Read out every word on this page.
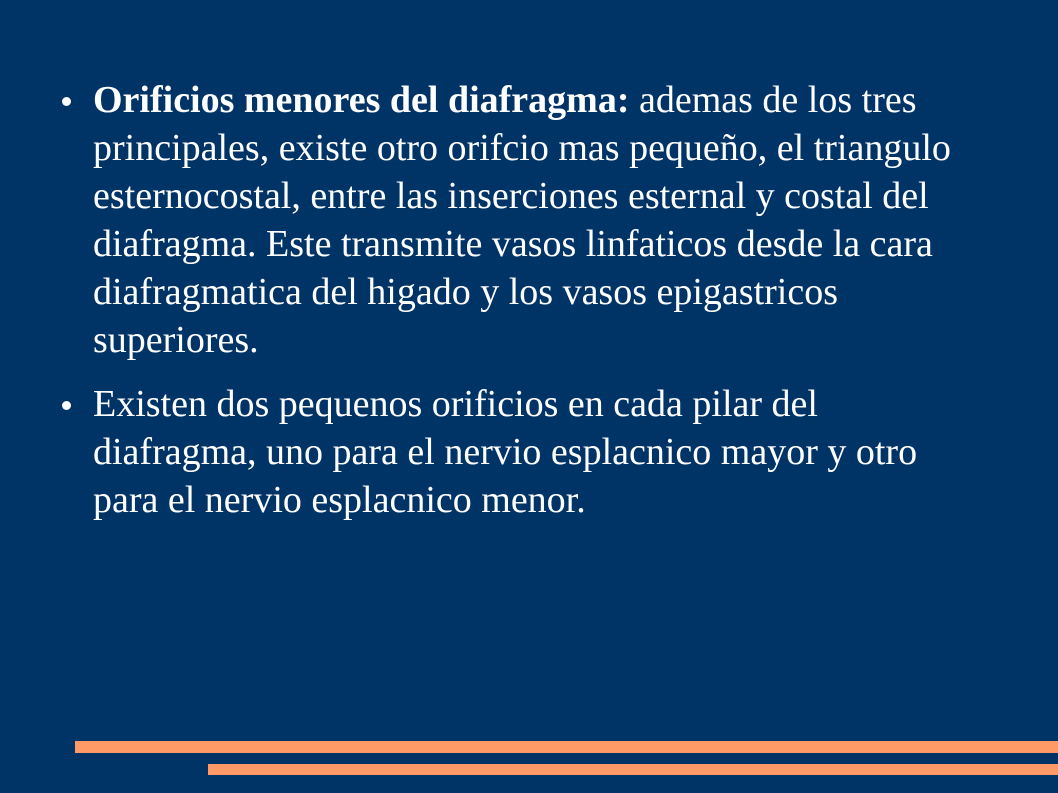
Orificios menores del diafragma: ademas de los tres principales, existe otro orifcio mas pequeño, el triangulo esternocostal, entre las inserciones esternal y costal del diafragma. Este transmite vasos linfaticos desde la cara diafragmatica del higado y los vasos epigastricos superiores.
Existen dos pequenos orificios en cada pilar del diafragma, uno para el nervio esplacnico mayor y otro para el nervio esplacnico menor.
